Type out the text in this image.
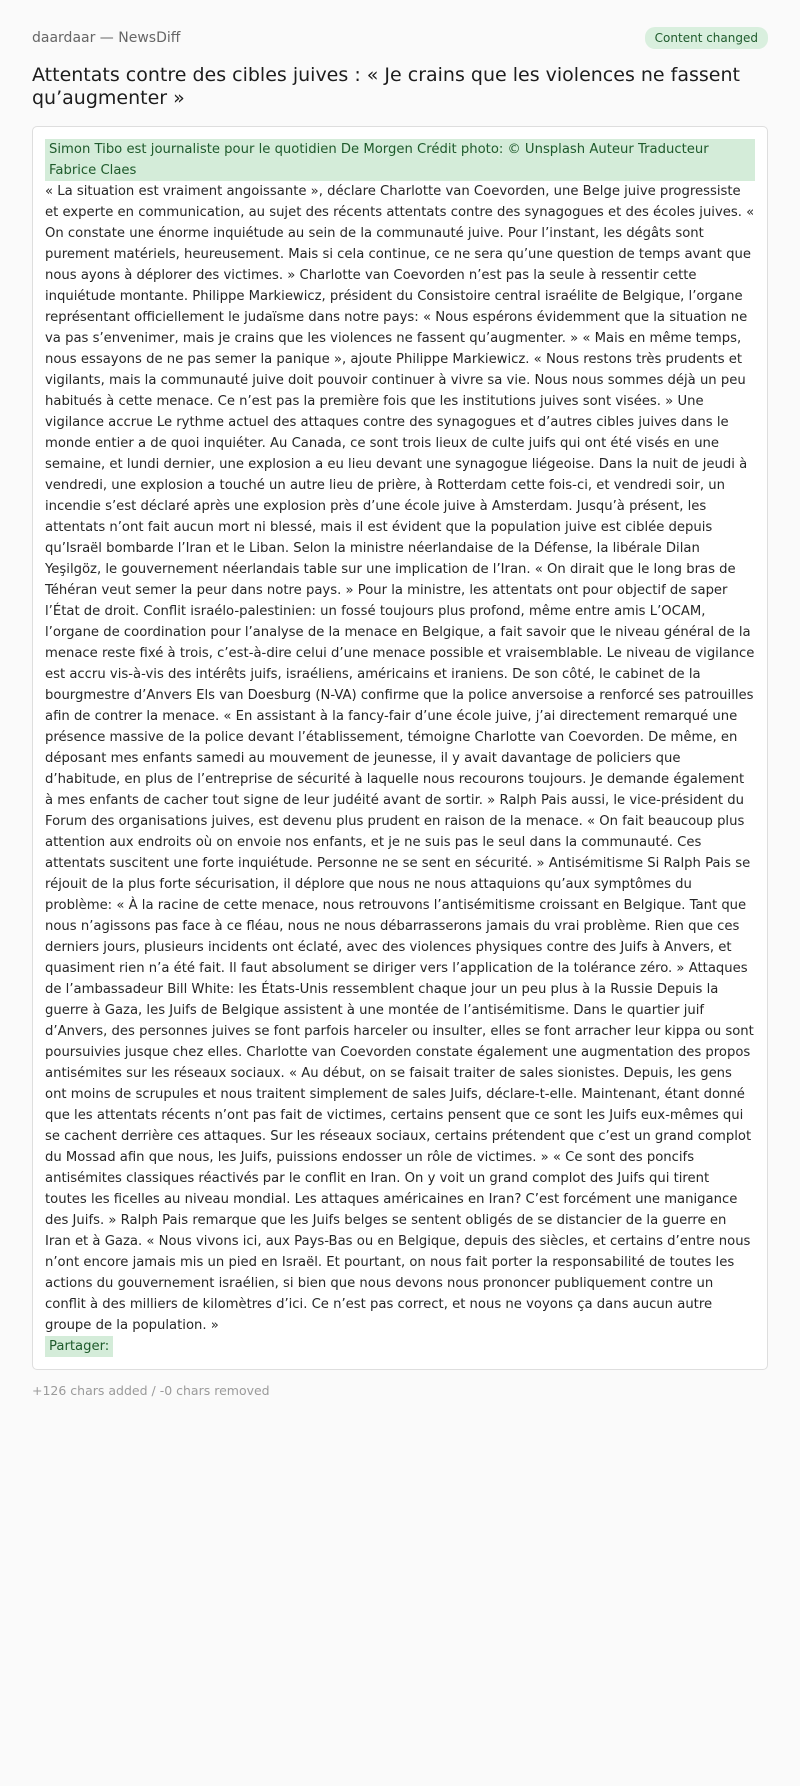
daardaar — NewsDiff	Content changed
Attentats contre des cibles juives : « Je crains que les violences ne fassent qu’augmenter »
Simon Tibo est journaliste pour le quotidien De Morgen Crédit photo: © Unsplash Auteur Traducteur Fabrice Claes
« La situation est vraiment angoissante », déclare Charlotte van Coevorden, une Belge juive progressiste et experte en communication, au sujet des récents attentats contre des synagogues et des écoles juives. « On constate une énorme inquiétude au sein de la communauté juive. Pour l’instant, les dégâts sont purement matériels, heureusement. Mais si cela continue, ce ne sera qu’une question de temps avant que nous ayons à déplorer des victimes. » Charlotte van Coevorden n’est pas la seule à ressentir cette inquiétude montante. Philippe Markiewicz, président du Consistoire central israélite de Belgique, l’organe représentant officiellement le judaïsme dans notre pays: « Nous espérons évidemment que la situation ne va pas s’envenimer, mais je crains que les violences ne fassent qu’augmenter. » « Mais en même temps, nous essayons de ne pas semer la panique », ajoute Philippe Markiewicz. « Nous restons très prudents et vigilants, mais la communauté juive doit pouvoir continuer à vivre sa vie. Nous nous sommes déjà un peu habitués à cette menace. Ce n’est pas la première fois que les institutions juives sont visées. » Une vigilance accrue Le rythme actuel des attaques contre des synagogues et d’autres cibles juives dans le monde entier a de quoi inquiéter. Au Canada, ce sont trois lieux de culte juifs qui ont été visés en une semaine, et lundi dernier, une explosion a eu lieu devant une synagogue liégeoise. Dans la nuit de jeudi à vendredi, une explosion a touché un autre lieu de prière, à Rotterdam cette fois-ci, et vendredi soir, un incendie s’est déclaré après une explosion près d’une école juive à Amsterdam. Jusqu’à présent, les attentats n’ont fait aucun mort ni blessé, mais il est évident que la population juive est ciblée depuis qu’Israël bombarde l’Iran et le Liban. Selon la ministre néerlandaise de la Défense, la libérale Dilan Yeşilgöz, le gouvernement néerlandais table sur une implication de l’Iran. « On dirait que le long bras de Téhéran veut semer la peur dans notre pays. » Pour la ministre, les attentats ont pour objectif de saper l’État de droit. Conflit israélo-palestinien: un fossé toujours plus profond, même entre amis L’OCAM, l’organe de coordination pour l’analyse de la menace en Belgique, a fait savoir que le niveau général de la menace reste fixé à trois, c’est-à-dire celui d’une menace possible et vraisemblable. Le niveau de vigilance est accru vis-à-vis des intérêts juifs, israéliens, américains et iraniens. De son côté, le cabinet de la bourgmestre d’Anvers Els van Doesburg (N-VA) confirme que la police anversoise a renforcé ses patrouilles afin de contrer la menace. « En assistant à la fancy-fair d’une école juive, j’ai directement remarqué une présence massive de la police devant l’établissement, témoigne Charlotte van Coevorden. De même, en déposant mes enfants samedi au mouvement de jeunesse, il y avait davantage de policiers que d’habitude, en plus de l’entreprise de sécurité à laquelle nous recourons toujours. Je demande également à mes enfants de cacher tout signe de leur judéité avant de sortir. » Ralph Pais aussi, le vice-président du Forum des organisations juives, est devenu plus prudent en raison de la menace. « On fait beaucoup plus attention aux endroits où on envoie nos enfants, et je ne suis pas le seul dans la communauté. Ces attentats suscitent une forte inquiétude. Personne ne se sent en sécurité. » Antisémitisme Si Ralph Pais se réjouit de la plus forte sécurisation, il déplore que nous ne nous attaquions qu’aux symptômes du problème: « À la racine de cette menace, nous retrouvons l’antisémitisme croissant en Belgique. Tant que nous n’agissons pas face à ce fléau, nous ne nous débarrasserons jamais du vrai problème. Rien que ces derniers jours, plusieurs incidents ont éclaté, avec des violences physiques contre des Juifs à Anvers, et quasiment rien n’a été fait. Il faut absolument se diriger vers l’application de la tolérance zéro. » Attaques de l’ambassadeur Bill White: les États-Unis ressemblent chaque jour un peu plus à la Russie Depuis la guerre à Gaza, les Juifs de Belgique assistent à une montée de l’antisémitisme. Dans le quartier juif d’Anvers, des personnes juives se font parfois harceler ou insulter, elles se font arracher leur kippa ou sont poursuivies jusque chez elles. Charlotte van Coevorden constate également une augmentation des propos antisémites sur les réseaux sociaux. « Au début, on se faisait traiter de sales sionistes. Depuis, les gens ont moins de scrupules et nous traitent simplement de sales Juifs, déclare-t-elle. Maintenant, étant donné que les attentats récents n’ont pas fait de victimes, certains pensent que ce sont les Juifs eux-mêmes qui se cachent derrière ces attaques. Sur les réseaux sociaux, certains prétendent que c’est un grand complot du Mossad afin que nous, les Juifs, puissions endosser un rôle de victimes. » « Ce sont des poncifs antisémites classiques réactivés par le conflit en Iran. On y voit un grand complot des Juifs qui tirent toutes les ficelles au niveau mondial. Les attaques américaines en Iran? C’est forcément une manigance des Juifs. » Ralph Pais remarque que les Juifs belges se sentent obligés de se distancier de la guerre en Iran et à Gaza. « Nous vivons ici, aux Pays-Bas ou en Belgique, depuis des siècles, et certains d’entre nous n’ont encore jamais mis un pied en Israël. Et pourtant, on nous fait porter la responsabilité de toutes les actions du gouvernement israélien, si bien que nous devons nous prononcer publiquement contre un conflit à des milliers de kilomètres d’ici. Ce n’est pas correct, et nous ne voyons ça dans aucun autre groupe de la population. »
Partager:
+126 chars added / -0 chars removed
